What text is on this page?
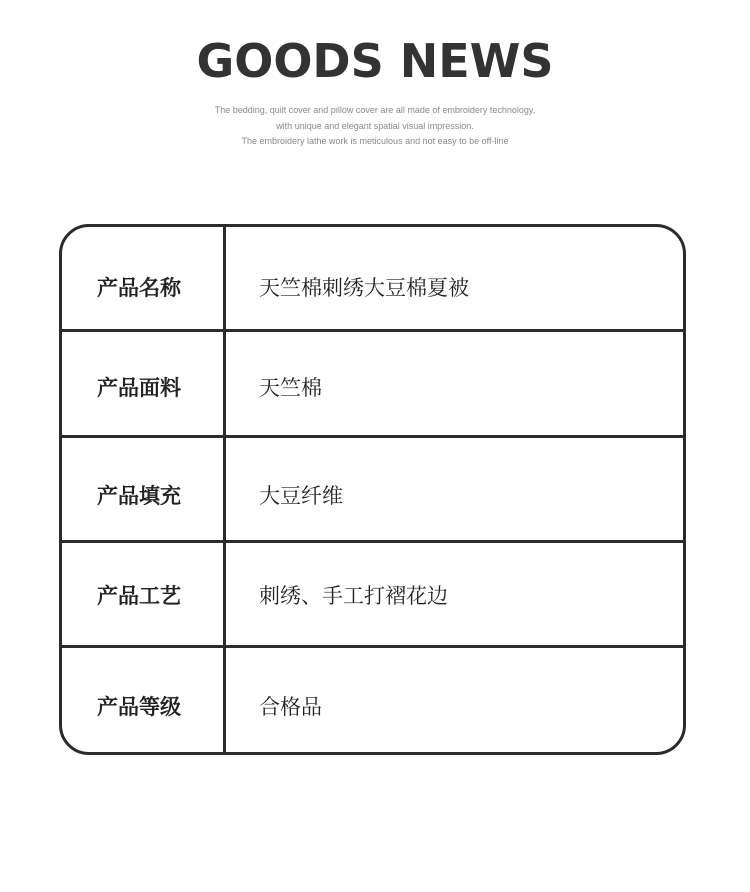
GOODS NEWS
The bedding, quilt cover and pillow cover are all made of embroidery technology,
with unique and elegant spatial visual impression.
The embroidery lathe work is meticulous and not easy to be off-line
产品名称	天竺棉刺绣大豆棉夏被
产品面料	天竺棉
产品填充	大豆纤维
产品工艺	刺绣、手工打褶花边
产品等级	合格品
